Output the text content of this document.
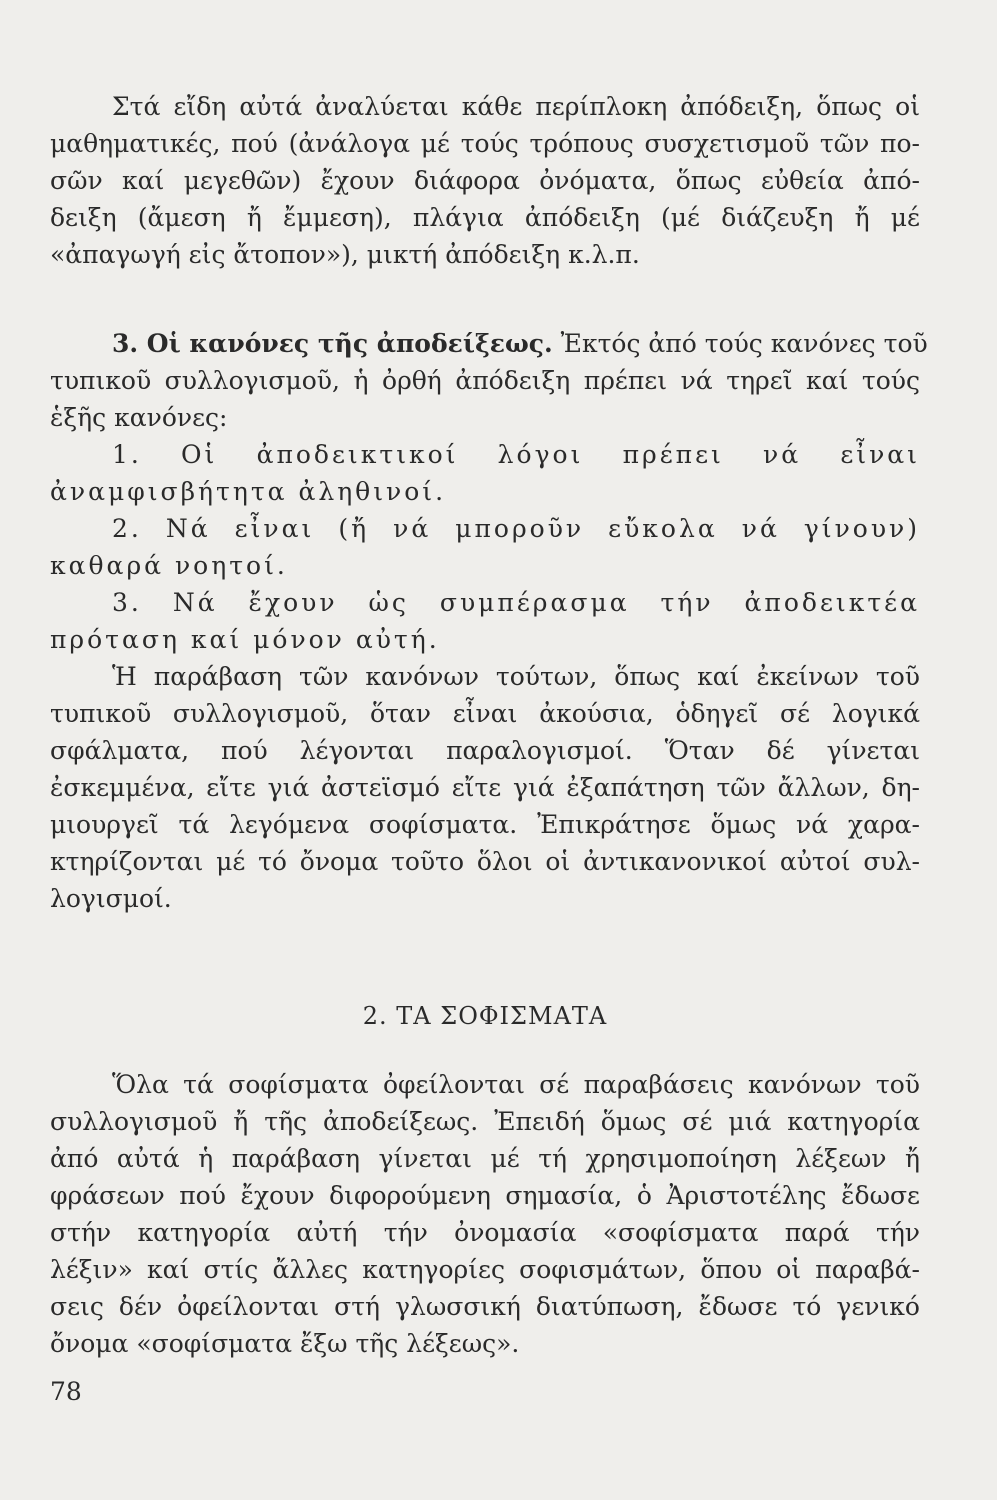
Στά εἴδη αὐτά ἀναλύεται κάθε περίπλοκη ἀπόδειξη, ὅπως οἱ
μαθηματικές, πού (ἀνάλογα μέ τούς τρόπους συσχετισμοῦ τῶν πο-
σῶν καί μεγεθῶν) ἔχουν διάφορα ὀνόματα, ὅπως εὐθεία ἀπό-
δειξη (ἄμεση ἤ ἔμμεση), πλάγια ἀπόδειξη (μέ διάζευξη ἤ μέ
«ἀπαγωγή εἰς ἄτοπον»), μικτή ἀπόδειξη κ.λ.π.
3. Οἱ κανόνες τῆς ἀποδείξεως. Ἐκτός ἀπό τούς κανόνες τοῦ
τυπικοῦ συλλογισμοῦ, ἡ ὀρθή ἀπόδειξη πρέπει νά τηρεῖ καί τούς
ἑξῆς κανόνες:
1. Οἱ ἀποδεικτικοί λόγοι πρέπει νά εἶναι
ἀναμφισβήτητα ἀληθινοί.
2. Νά εἶναι (ἤ νά μποροῦν εὔκολα νά γίνουν)
καθαρά νοητοί.
3. Νά ἔχουν ὡς συμπέρασμα τήν ἀποδεικτέα
πρόταση καί μόνον αὐτή.
Ἡ παράβαση τῶν κανόνων τούτων, ὅπως καί ἐκείνων τοῦ
τυπικοῦ συλλογισμοῦ, ὅταν εἶναι ἀκούσια, ὁδηγεῖ σέ λογικά
σφάλματα, πού λέγονται παραλογισμοί. Ὅταν δέ γίνεται
ἐσκεμμένα, εἴτε γιά ἀστεϊσμό εἴτε γιά ἐξαπάτηση τῶν ἄλλων, δη-
μιουργεῖ τά λεγόμενα σοφίσματα. Ἐπικράτησε ὅμως νά χαρα-
κτηρίζονται μέ τό ὄνομα τοῦτο ὅλοι οἱ ἀντικανονικοί αὐτοί συλ-
λογισμοί.
2. ΤΑ ΣΟΦΙΣΜΑΤΑ
Ὅλα τά σοφίσματα ὀφείλονται σέ παραβάσεις κανόνων τοῦ
συλλογισμοῦ ἤ τῆς ἀποδείξεως. Ἐπειδή ὅμως σέ μιά κατηγορία
ἀπό αὐτά ἡ παράβαση γίνεται μέ τή χρησιμοποίηση λέξεων ἤ
φράσεων πού ἔχουν διφορούμενη σημασία, ὁ Ἀριστοτέλης ἔδωσε
στήν κατηγορία αὐτή τήν ὀνομασία «σοφίσματα παρά τήν
λέξιν» καί στίς ἄλλες κατηγορίες σοφισμάτων, ὅπου οἱ παραβά-
σεις δέν ὀφείλονται στή γλωσσική διατύπωση, ἔδωσε τό γενικό
ὄνομα «σοφίσματα ἔξω τῆς λέξεως».
78
